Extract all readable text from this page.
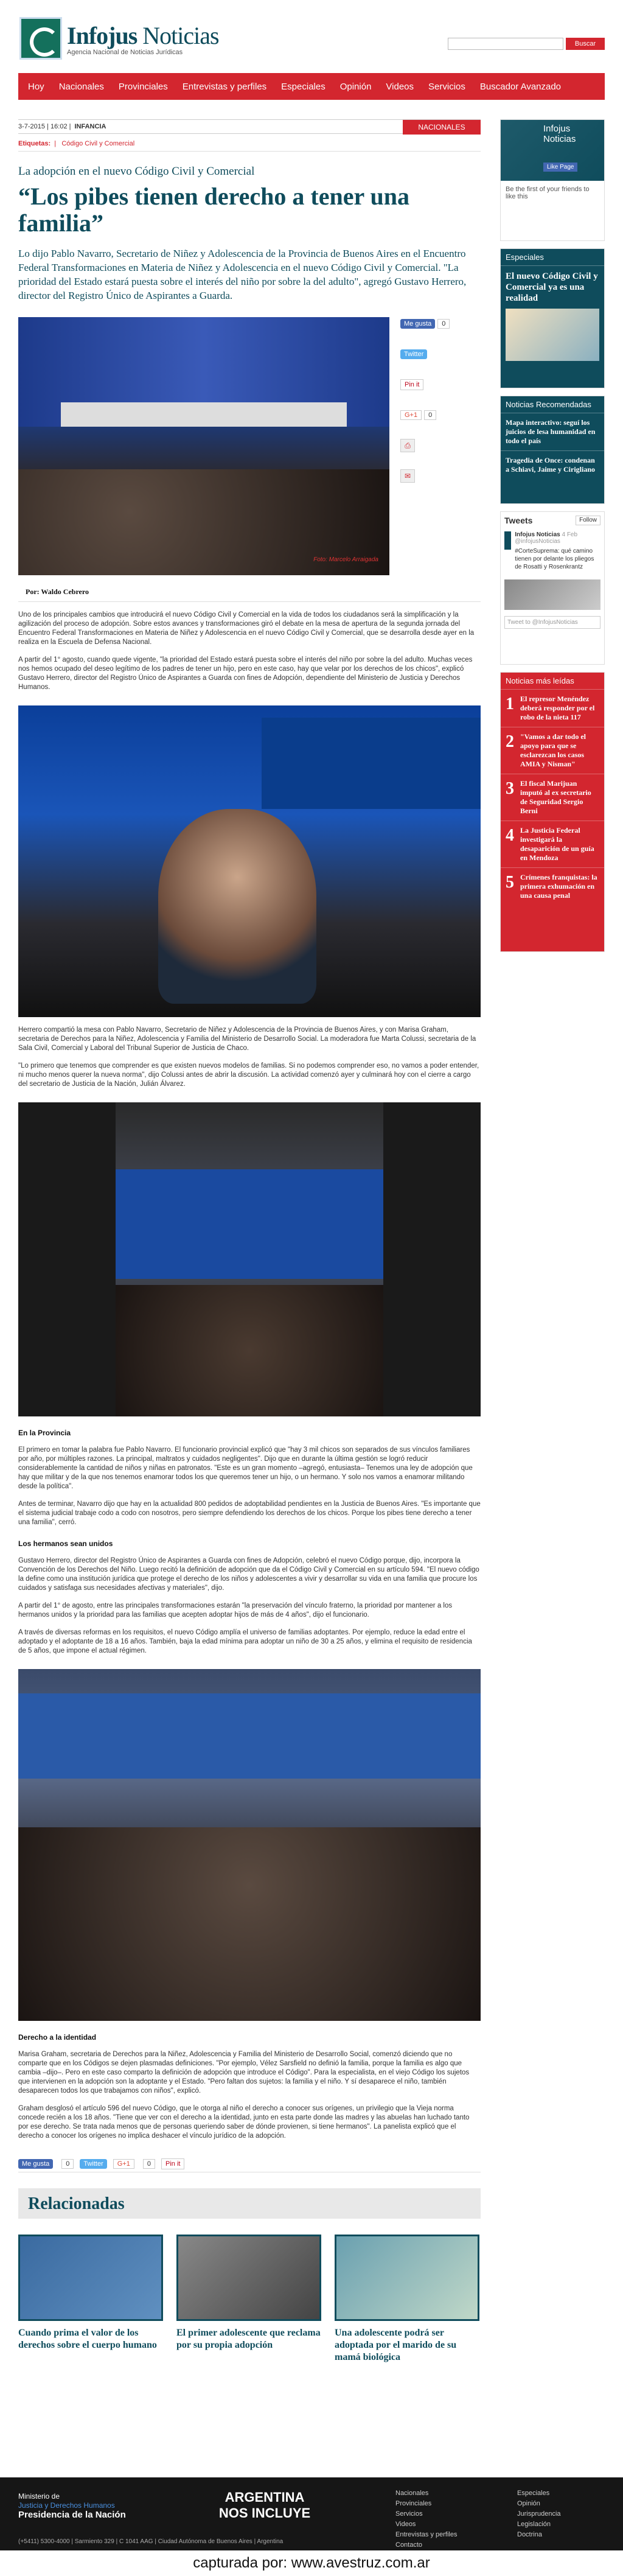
Infojus Noticias
Agencia Nacional de Noticias Jurídicas
Buscar
Hoy	Nacionales	Provinciales	Entrevistas y perfiles	Especiales	Opinión	Videos	Servicios	Buscador Avanzado
3-7-2015 | 16:02 | INFANCIA	NACIONALES
Etiquetas:  |   Código Civil y Comercial
La adopción en el nuevo Código Civil y Comercial
“Los pibes tienen derecho a tener una familia”
Lo dijo Pablo Navarro, Secretario de Niñez y Adolescencia de la Provincia de Buenos Aires en el Encuentro Federal Transformaciones en Materia de Niñez y Adolescencia en el nuevo Código Civil y Comercial. "La prioridad del Estado estará puesta sobre el interés del niño por sobre la del adulto", agregó Gustavo Herrero, director del Registro Único de Aspirantes a Guarda.
Foto: Marcelo Arraigada
Me gusta	0
Twitter
Pin it
G+1	0
⎙
✉
Por: Waldo Cebrero

Uno de los principales cambios que introducirá el nuevo Código Civil y Comercial en la vida de todos los ciudadanos será la simplificación y la agilización del proceso de adopción. Sobre estos avances y transformaciones giró el debate en la mesa de apertura de la segunda jornada del Encuentro Federal Transformaciones en Materia de Niñez y Adolescencia en el nuevo Código Civil y Comercial, que se desarrolla desde ayer en la realiza en la Escuela de Defensa Nacional.

A partir del 1° agosto, cuando quede vigente, "la prioridad del Estado estará puesta sobre el interés del niño por sobre la del adulto. Muchas veces nos hemos ocupado del deseo legítimo de los padres de tener un hijo, pero en este caso, hay que velar por los derechos de los chicos", explicó Gustavo Herrero, director del Registro Único de Aspirantes a Guarda con fines de Adopción, dependiente del Ministerio de Justicia y Derechos Humanos.

Herrero compartió la mesa con Pablo Navarro, Secretario de Niñez y Adolescencia de la Provincia de Buenos Aires, y con Marisa Graham, secretaria de Derechos para la Niñez, Adolescencia y Familia del Ministerio de Desarrollo Social. La moderadora fue Marta Colussi, secretaria de la Sala Civil, Comercial y Laboral del Tribunal Superior de Justicia de Chaco.

"Lo primero que tenemos que comprender es que existen nuevos modelos de familias. Si no podemos comprender eso, no vamos a poder entender, ni mucho menos querer la nueva norma", dijo Colussi antes de abrir la discusión. La actividad comenzó ayer y culminará hoy con el cierre a cargo del secretario de Justicia de la Nación, Julián Álvarez.

En la Provincia

El primero en tomar la palabra fue Pablo Navarro. El funcionario provincial explicó que "hay 3 mil chicos son separados de sus vínculos familiares por año, por múltiples razones. La principal, maltratos y cuidados negligentes". Dijo que en durante la última gestión se logró reducir considerablemente la cantidad de niños y niñas en patronatos. "Este es un gran momento –agregó, entusiasta– Tenemos una ley de adopción que hay que militar y de la que nos tenemos enamorar todos los que queremos tener un hijo, o un hermano. Y solo nos vamos a enamorar militando desde la política".

Antes de terminar, Navarro dijo que hay en la actualidad 800 pedidos de adoptabilidad pendientes en la Justicia de Buenos Aires. "Es importante que el sistema judicial trabaje codo a codo con nosotros, pero siempre defendiendo los derechos de los chicos. Porque los pibes tiene derecho a tener una familia", cerró.

Los hermanos sean unidos

Gustavo Herrero, director del Registro Único de Aspirantes a Guarda con fines de Adopción, celebró el nuevo Código porque, dijo, incorpora la Convención de los Derechos del Niño. Luego recitó la definición de adopción que da el Código Civil y Comercial en su artículo 594. "El nuevo código la define como una institución jurídica que protege el derecho de los niños y adolescentes a vivir y desarrollar su vida en una familia que procure los cuidados y satisfaga sus necesidades afectivas y materiales", dijo.

A partir del 1° de agosto, entre las principales transformaciones estarán "la preservación del vínculo fraterno, la prioridad por mantener a los hermanos unidos y la prioridad para las familias que acepten adoptar hijos de más de 4 años", dijo el funcionario.

A través de diversas reformas en los requisitos, el nuevo Código amplía el universo de familias adoptantes. Por ejemplo, reduce la edad entre el adoptado y el adoptante de 18 a 16 años. También, baja la edad mínima para adoptar un niño de 30 a 25 años, y elimina el requisito de residencia de 5 años, que impone el actual régimen.

Derecho a la identidad

Marisa Graham, secretaria de Derechos para la Niñez, Adolescencia y Familia del Ministerio de Desarrollo Social, comenzó diciendo que no comparte que en los Códigos se dejen plasmadas definiciones. "Por ejemplo, Vélez Sarsfield no definió la familia, porque la familia es algo que cambia –dijo–. Pero en este caso comparto la definición de adopción que introduce el Código". Para la especialista, en el viejo Código los sujetos que intervienen en la adopción son la adoptante y el Estado. "Pero faltan dos sujetos: la familia y el niño. Y sí desaparece el niño, también desaparecen todos los que trabajamos con niños", explicó.

Graham desglosó el artículo 596 del nuevo Código, que le otorga al niño el derecho a conocer sus orígenes, un privilegio que la Vieja norma concede recién a los 18 años. "Tiene que ver con el derecho a la identidad, junto en esta parte donde las madres y las abuelas han luchado tanto por ese derecho. Se trata nada menos que de personas queriendo saber de dónde provienen, si tiene hermanos". La panelista explicó que el derecho a conocer los orígenes no implica deshacer el vínculo jurídico de la adopción.

Me gusta	0	Twitter	G+1	0	Pin it
Relacionadas
Cuando prima el valor de los derechos sobre el cuerpo humano
El primer adolescente que reclama por su propia adopción
Una adolescente podrá ser adoptada por el marido de su mamá biológica
Infojus Noticias
Like Page
Be the first of your friends to like this
Especiales
El nuevo Código Civil y Comercial ya es una realidad
Noticias Recomendadas
Mapa interactivo: seguí los juicios de lesa humanidad en todo el país
Tragedia de Once: condenan a Schiavi, Jaime y Cirigliano
Tweets	Follow
Infojus Noticias 4 Feb
@infojusNoticias
#CorteSuprema: qué camino tienen por delante los pliegos de Rosatti y Rosenkrantz
Tweet to @InfojusNoticias
Noticias más leídas
1 El represor Menéndez deberá responder por el robo de la nieta 117
2 "Vamos a dar todo el apoyo para que se esclarezcan los casos AMIA y Nisman"
3 El fiscal Marijuan imputó al ex secretario de Seguridad Sergio Berni
4 La Justicia Federal investigará la desaparición de un guía en Mendoza
5 Crímenes franquistas: la primera exhumación en una causa penal
Ministerio de
Justicia y Derechos Humanos
Presidencia de la Nación
ARGENTINA
NOS INCLUYE
Nacionales
Provinciales
Servicios
Videos
Entrevistas y perfiles
Contacto
Especiales
Opinión
Jurisprudencia
Legislación
Doctrina
(+5411) 5300-4000 | Sarmiento 329 | C 1041 AAG | Ciudad Autónoma de Buenos Aires | Argentina
capturada por: www.avestruz.com.ar
